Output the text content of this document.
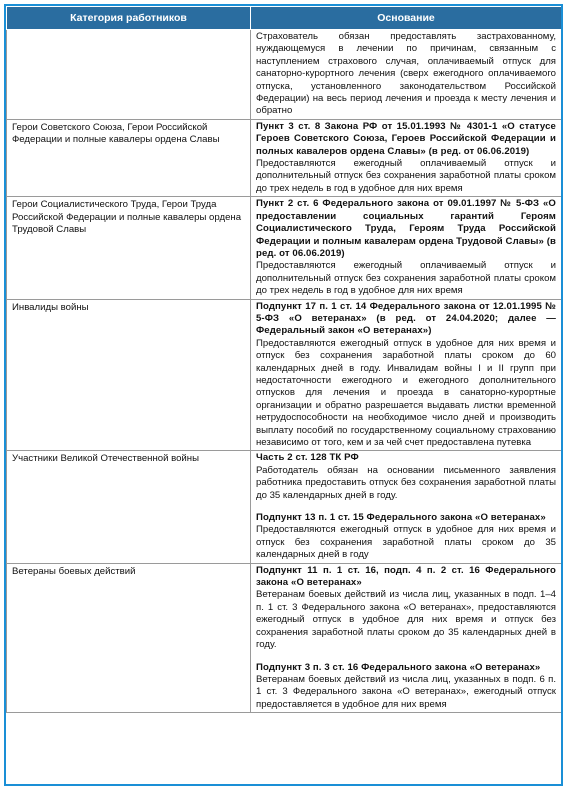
Категория работников	Основание

	Страхователь обязан предоставлять застрахованному, нуждающемуся в лечении по причинам, связанным с наступлением страхового случая, оплачиваемый отпуск для санаторно-курортного лечения (сверх ежегодного оплачиваемого отпуска, установленного законодательством Российской Федерации) на весь период лечения и проезда к месту лечения и обратно

Герои Советского Союза, Герои Российской Федерации и полные кавалеры ордена Славы	Пункт 3 ст. 8 Закона РФ от 15.01.1993 № 4301-1 «О статусе Героев Советского Союза, Героев Российской Федерации и полных кавалеров ордена Славы» (в ред. от 06.06.2019)
Предоставляются ежегодный оплачиваемый отпуск и дополнительный отпуск без сохранения заработной платы сроком до трех недель в год в удобное для них время

Герои Социалистического Труда, Герои Труда Российской Федерации и полные кавалеры ордена Трудовой Славы	Пункт 2 ст. 6 Федерального закона от 09.01.1997 № 5-ФЗ «О предоставлении социальных гарантий Героям Социалистического Труда, Героям Труда Российской Федерации и полным кавалерам ордена Трудовой Славы» (в ред. от 06.06.2019)
Предоставляются ежегодный оплачиваемый отпуск и дополнительный отпуск без сохранения заработной платы сроком до трех недель в год в удобное для них время

Инвалиды войны	Подпункт 17 п. 1 ст. 14 Федерального закона от 12.01.1995 № 5-ФЗ «О ветеранах» (в ред. от 24.04.2020; далее — Федеральный закон «О ветеранах»)
Предоставляются ежегодный отпуск в удобное для них время и отпуск без сохранения заработной платы сроком до 60 календарных дней в году. Инвалидам войны I и II групп при недостаточности ежегодного и ежегодного дополнительного отпусков для лечения и проезда в санаторно-курортные организации и обратно разрешается выдавать листки временной нетрудоспособности на необходимое число дней и производить выплату пособий по государственному социальному страхованию независимо от того, кем и за чей счет предоставлена путевка

Участники Великой Отечественной войны	Часть 2 ст. 128 ТК РФ
Работодатель обязан на основании письменного заявления работника предоставить отпуск без сохранения заработной платы до 35 календарных дней в году.
Подпункт 13 п. 1 ст. 15 Федерального закона «О ветеранах»
Предоставляются ежегодный отпуск в удобное для них время и отпуск без сохранения заработной платы сроком до 35 календарных дней в году

Ветераны боевых действий	Подпункт 11 п. 1 ст. 16, подп. 4 п. 2 ст. 16 Федерального закона «О ветеранах»
Ветеранам боевых действий из числа лиц, указанных в подп. 1–4 п. 1 ст. 3 Федерального закона «О ветеранах», предоставляются ежегодный отпуск в удобное для них время и отпуск без сохранения заработной платы сроком до 35 календарных дней в году.
Подпункт 3 п. 3 ст. 16 Федерального закона «О ветеранах»
Ветеранам боевых действий из числа лиц, указанных в подп. 6 п. 1 ст. 3 Федерального закона «О ветеранах», ежегодный отпуск предоставляется в удобное для них время
